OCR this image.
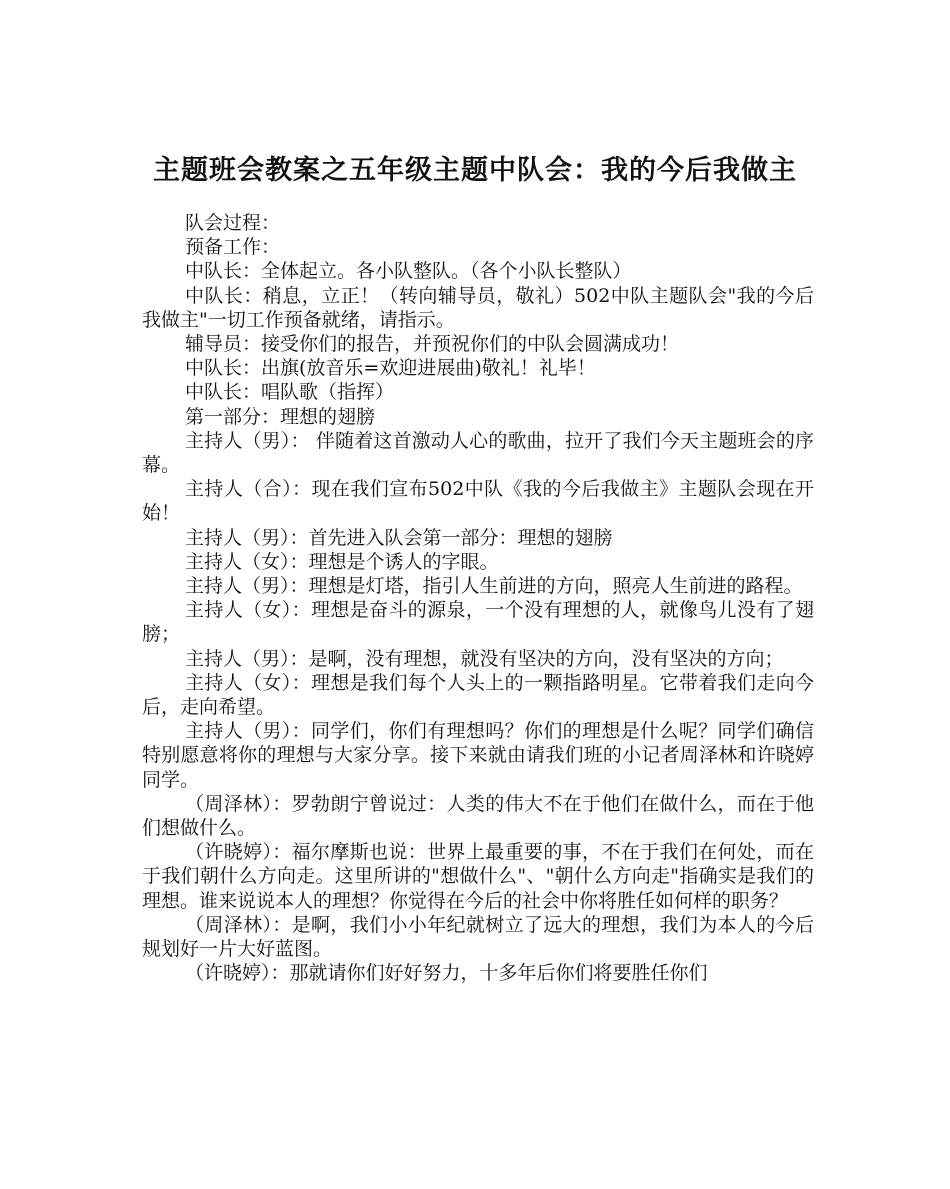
主题班会教案之五年级主题中队会：我的今后我做主

队会过程：

预备工作：

中队长：全体起立。各小队整队。（各个小队长整队）

中队长：稍息，立正！（转向辅导员，敬礼）502中队主题队会"我的今后我做主"一切工作预备就绪，请指示。

辅导员：接受你们的报告，并预祝你们的中队会圆满成功！

中队长：出旗(放音乐=欢迎进展曲)敬礼！礼毕！

中队长：唱队歌（指挥）

第一部分：理想的翅膀

主持人（男）： 伴随着这首激动人心的歌曲，拉开了我们今天主题班会的序幕。

主持人（合）：现在我们宣布502中队《我的今后我做主》主题队会现在开始！

主持人（男）：首先进入队会第一部分：理想的翅膀

主持人（女）：理想是个诱人的字眼。

主持人（男）：理想是灯塔，指引人生前进的方向，照亮人生前进的路程。

主持人（女）：理想是奋斗的源泉，一个没有理想的人，就像鸟儿没有了翅膀；

主持人（男）：是啊，没有理想，就没有坚决的方向，没有坚决的方向；

主持人（女）：理想是我们每个人头上的一颗指路明星。它带着我们走向今后，走向希望。

主持人（男）：同学们，你们有理想吗？你们的理想是什么呢？同学们确信特别愿意将你的理想与大家分享。接下来就由请我们班的小记者周泽林和许晓婷同学。

（周泽林）：罗勃朗宁曾说过：人类的伟大不在于他们在做什么，而在于他们想做什么。

（许晓婷）：福尔摩斯也说：世界上最重要的事，不在于我们在何处，而在于我们朝什么方向走。这里所讲的"想做什么"、"朝什么方向走"指确实是我们的理想。谁来说说本人的理想？你觉得在今后的社会中你将胜任如何样的职务？

（周泽林）：是啊，我们小小年纪就树立了远大的理想，我们为本人的今后规划好一片大好蓝图。

（许晓婷）：那就请你们好好努力，十多年后你们将要胜任你们
